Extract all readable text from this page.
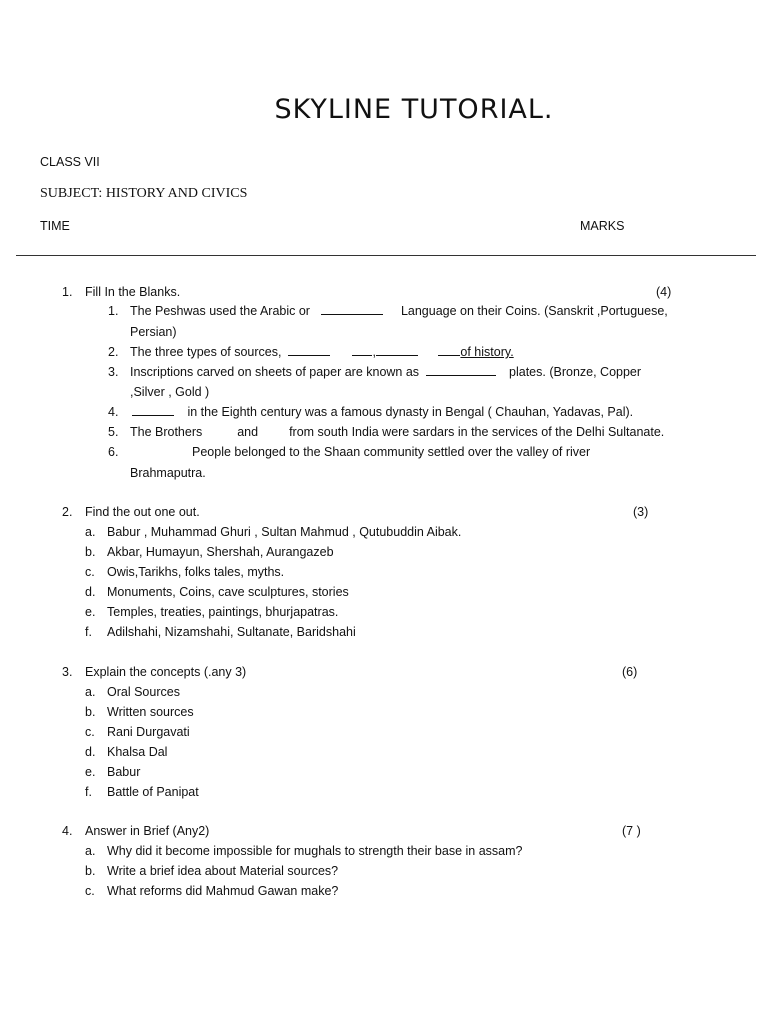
SKYLINE TUTORIAL.
CLASS VII
SUBJECT: HISTORY AND CIVICS
TIME	MARKS
1. Fill In the Blanks.	(4)
1. The Peshwas used the Arabic or	Language on their Coins. (Sanskrit ,Portuguese,
Persian)
2. The three types of sources,	,	of history.
3. Inscriptions carved on sheets of paper are known as	plates. (Bronze, Copper
,Silver , Gold )
4.	in the Eighth century was a famous dynasty in Bengal ( Chauhan, Yadavas, Pal).
5. The Brothers	and from south India were sardars in the services of the Delhi Sultanate.
6.	People belonged to the Shaan community settled over the valley of river
Brahmaputra.
2. Find the out one out.	(3)
a. Babur , Muhammad Ghuri , Sultan Mahmud , Qutubuddin Aibak.
b. Akbar, Humayun, Shershah, Aurangazeb
c. Owis,Tarikhs, folks tales, myths.
d. Monuments, Coins, cave sculptures, stories
e. Temples, treaties, paintings, bhurjapatras.
f. Adilshahi, Nizamshahi, Sultanate, Baridshahi
3. Explain the concepts (.any 3)	(6)
a. Oral Sources
b. Written sources
c. Rani Durgavati
d. Khalsa Dal
e. Babur
f. Battle of Panipat
4. Answer in Brief (Any2)	(7 )
a. Why did it become impossible for mughals to strength their base in assam?
b. Write a brief idea about Material sources?
c. What reforms did Mahmud Gawan make?
